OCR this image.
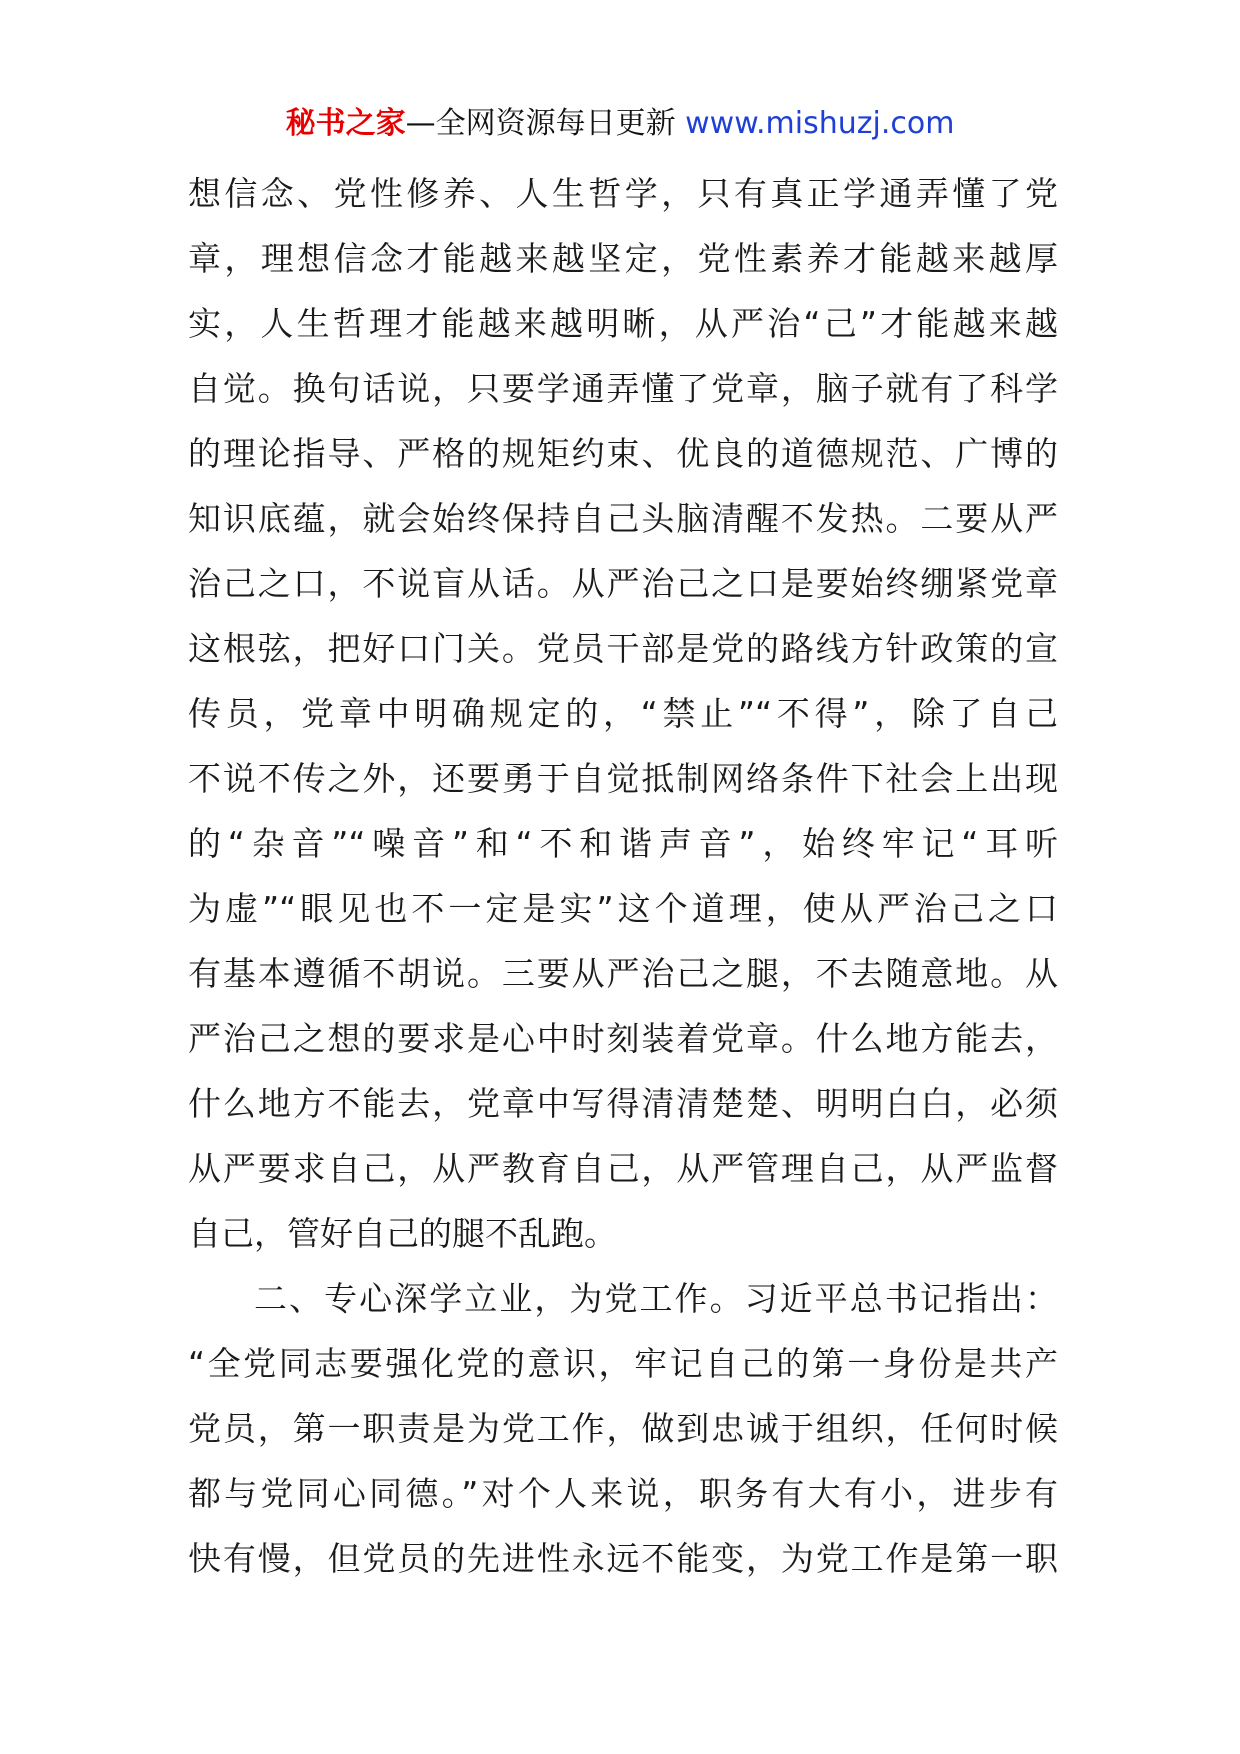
秘书之家—全网资源每日更新 www.mishuzj.com
想信念、党性修养、人生哲学，只有真正学通弄懂了党
章，理想信念才能越来越坚定，党性素养才能越来越厚
实，人生哲理才能越来越明晰，从严治“己”才能越来越
自觉。换句话说，只要学通弄懂了党章，脑子就有了科学
的理论指导、严格的规矩约束、优良的道德规范、广博的
知识底蕴，就会始终保持自己头脑清醒不发热。二要从严
治己之口，不说盲从话。从严治己之口是要始终绷紧党章
这根弦，把好口门关。党员干部是党的路线方针政策的宣
传员，党章中明确规定的，“禁止”“不得”，除了自己
不说不传之外，还要勇于自觉抵制网络条件下社会上出现
的“杂音”“噪音”和“不和谐声音”，始终牢记“耳听
为虚”“眼见也不一定是实”这个道理，使从严治己之口
有基本遵循不胡说。三要从严治己之腿，不去随意地。从
严治己之想的要求是心中时刻装着党章。什么地方能去，
什么地方不能去，党章中写得清清楚楚、明明白白，必须
从严要求自己，从严教育自己，从严管理自己，从严监督
自己，管好自己的腿不乱跑。
二、专心深学立业，为党工作。习近平总书记指出：
“全党同志要强化党的意识，牢记自己的第一身份是共产
党员，第一职责是为党工作，做到忠诚于组织，任何时候
都与党同心同德。”对个人来说，职务有大有小，进步有
快有慢，但党员的先进性永远不能变，为党工作是第一职
